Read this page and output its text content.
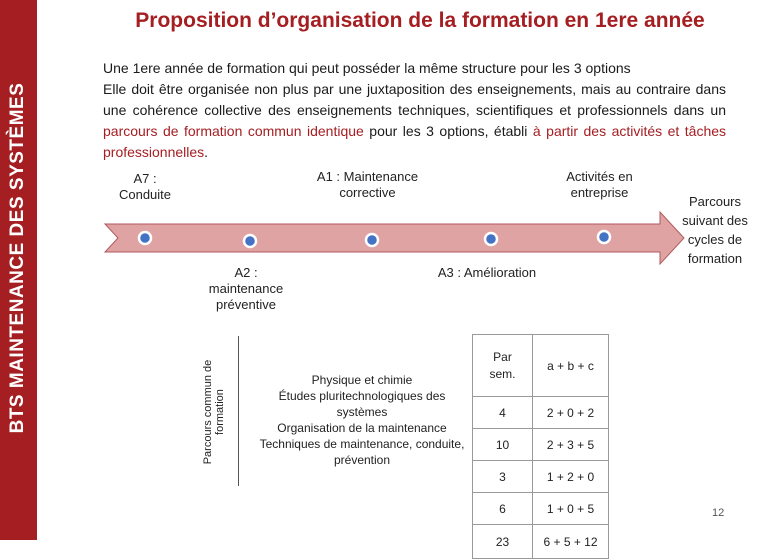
BTS MAINTENANCE DES SYSTÈMES
Proposition d’organisation de la formation en 1ere année

Une 1ere année de formation qui peut posséder la même structure pour les 3 options

Elle doit être organisée non plus par une juxtaposition des enseignements, mais au contraire dans une cohérence collective des enseignements techniques, scientifiques et professionnels dans un parcours de formation commun identique pour les 3 options, établi à partir des activités et tâches professionnelles.

A7 : Conduite
A1 : Maintenance corrective
Activités en entreprise
Parcours suivant des cycles de formation
A2 : maintenance préventive
A3 : Amélioration
Parcours commun de formation
Physique et chimie
Études pluritechnologiques des systèmes
Organisation de la maintenance
Techniques de maintenance, conduite, prévention
Par sem.	a + b + c
4	2 + 0 + 2
10	2 + 3 + 5
3	1 + 2 + 0
6	1 + 0 + 5
23	6 + 5 + 12
12
